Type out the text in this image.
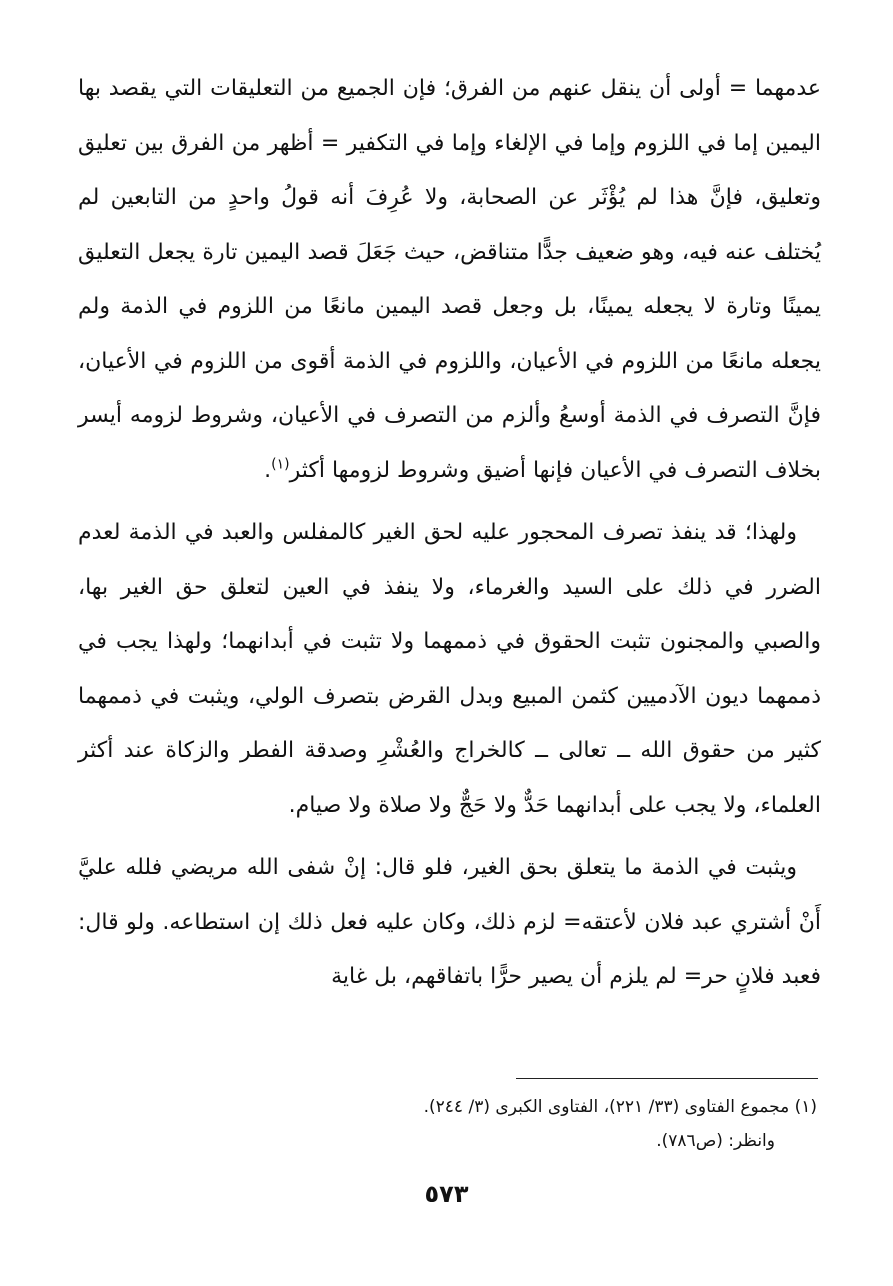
عدمهما = أولى أن ينقل عنهم من الفرق؛ فإن الجميع من التعليقات التي يقصد بها اليمين إما في اللزوم وإما في الإلغاء وإما في التكفير = أظهر من الفرق بين تعليق وتعليق، فإنَّ هذا لم يُؤْثَر عن الصحابة، ولا عُرِفَ أنه قولُ واحدٍ من التابعين لم يُختلف عنه فيه، وهو ضعيف جدًّا متناقض، حيث جَعَلَ قصد اليمين تارة يجعل التعليق يمينًا وتارة لا يجعله يمينًا، بل وجعل قصد اليمين مانعًا من اللزوم في الذمة ولم يجعله مانعًا من اللزوم في الأعيان، واللزوم في الذمة أقوى من اللزوم في الأعيان، فإنَّ التصرف في الذمة أوسعُ وألزم من التصرف في الأعيان، وشروط لزومه أيسر بخلاف التصرف في الأعيان فإنها أضيق وشروط لزومها أكثر$^{(١)}$.

ولهذا؛ قد ينفذ تصرف المحجور عليه لحق الغير كالمفلس والعبد في الذمة لعدم الضرر في ذلك على السيد والغرماء، ولا ينفذ في العين لتعلق حق الغير بها، والصبي والمجنون تثبت الحقوق في ذممهما ولا تثبت في أبدانهما؛ ولهذا يجب في ذممهما ديون الآدميين كثمن المبيع وبدل القرض بتصرف الولي، ويثبت في ذممهما كثير من حقوق الله ــ تعالى ــ كالخراج والعُشْرِ وصدقة الفطر والزكاة عند أكثر العلماء، ولا يجب على أبدانهما حَدٌّ ولا حَجٌّ ولا صلاة ولا صيام.

ويثبت في الذمة ما يتعلق بحق الغير، فلو قال: إنْ شفى الله مريضي فلله عليَّ أَنْ أشتري عبد فلان لأعتقه= لزم ذلك، وكان عليه فعل ذلك إن استطاعه. ولو قال: فعبد فلانٍ حر= لم يلزم أن يصير حرًّا باتفاقهم، بل غاية

(١) مجموع الفتاوى (٣٣/ ٢٢١)، الفتاوى الكبرى (٣/ ٢٤٤).

وانظر: (ص٧٨٦).

٥٧٣
